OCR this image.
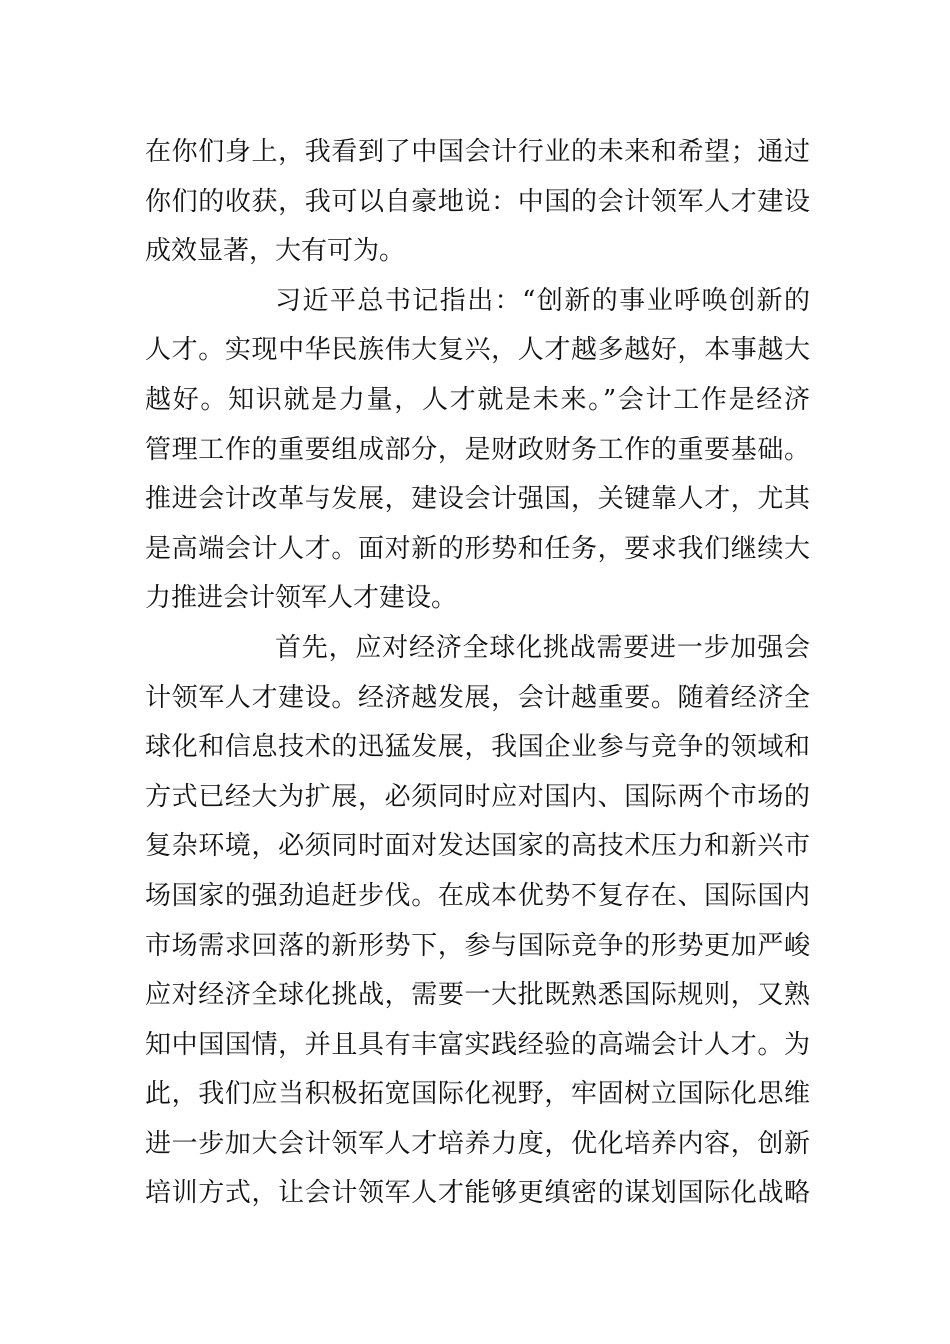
在你们身上，我看到了中国会计行业的未来和希望；通过
你们的收获，我可以自豪地说：中国的会计领军人才建设
成效显著，大有可为。
习近平总书记指出：“创新的事业呼唤创新的
人才。实现中华民族伟大复兴，人才越多越好，本事越大
越好。知识就是力量，人才就是未来。”会计工作是经济
管理工作的重要组成部分，是财政财务工作的重要基础。
推进会计改革与发展，建设会计强国，关键靠人才，尤其
是高端会计人才。面对新的形势和任务，要求我们继续大
力推进会计领军人才建设。
首先，应对经济全球化挑战需要进一步加强会
计领军人才建设。经济越发展，会计越重要。随着经济全
球化和信息技术的迅猛发展，我国企业参与竞争的领域和
方式已经大为扩展，必须同时应对国内、国际两个市场的
复杂环境，必须同时面对发达国家的高技术压力和新兴市
场国家的强劲追赶步伐。在成本优势不复存在、国际国内
市场需求回落的新形势下，参与国际竞争的形势更加严峻
应对经济全球化挑战，需要一大批既熟悉国际规则，又熟
知中国国情，并且具有丰富实践经验的高端会计人才。为
此，我们应当积极拓宽国际化视野，牢固树立国际化思维
进一步加大会计领军人才培养力度，优化培养内容，创新
培训方式，让会计领军人才能够更缜密的谋划国际化战略
